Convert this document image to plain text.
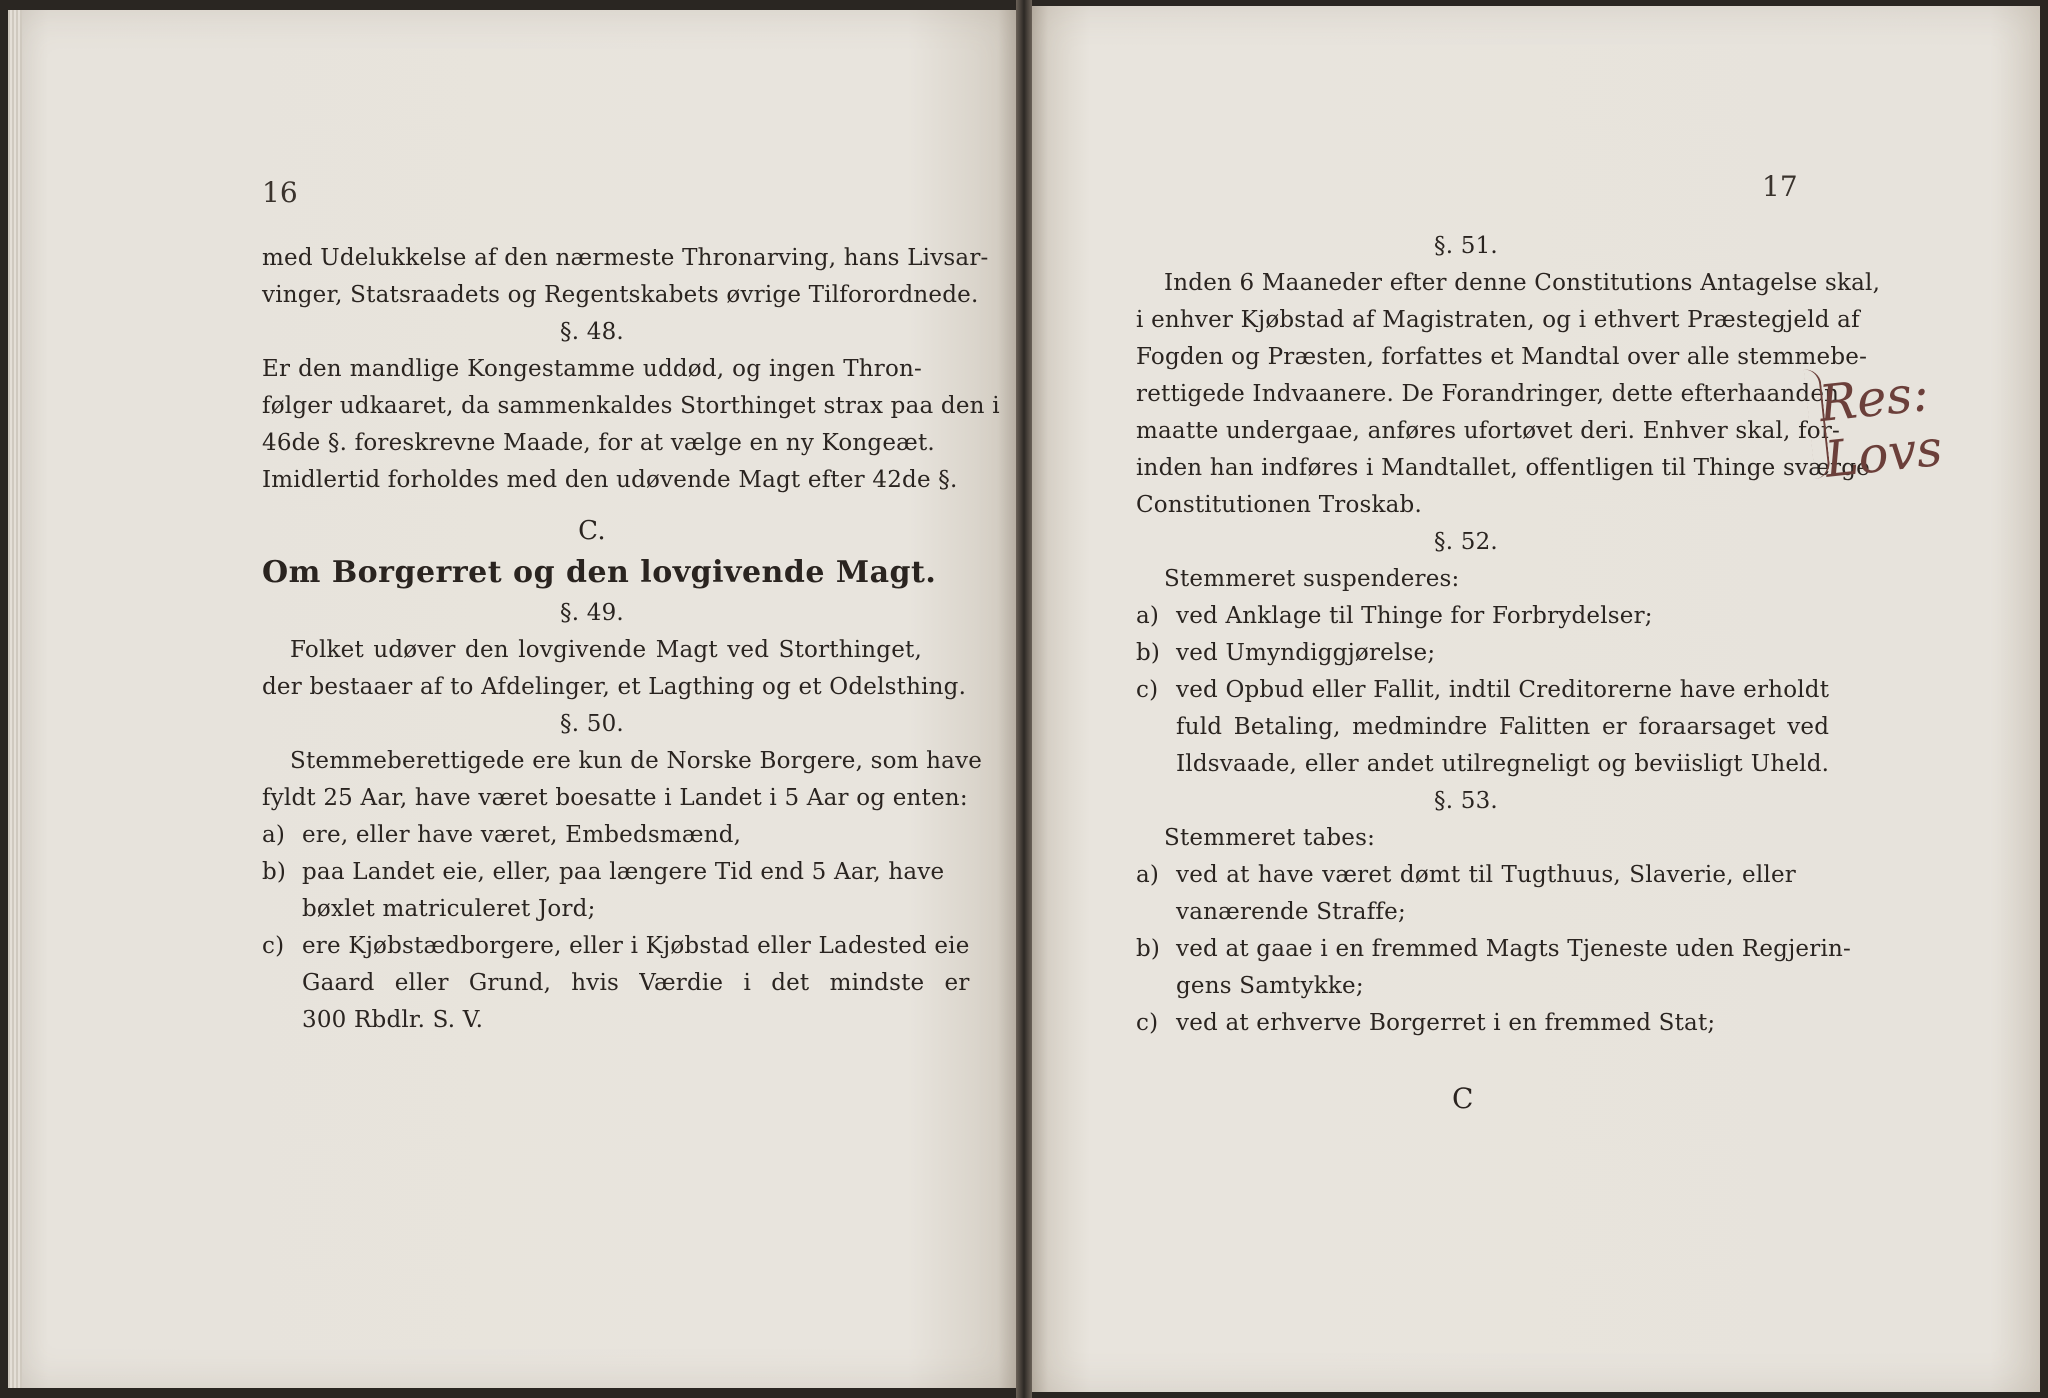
16
med Udelukkelse af den nærmeste Thronarving, hans Livsar-
vinger, Statsraadets og Regentskabets øvrige Tilforordnede.
§. 48.
Er den mandlige Kongestamme uddød, og ingen Thron-
følger udkaaret, da sammenkaldes Storthinget strax paa den i
46de §. foreskrevne Maade, for at vælge en ny Kongeæt.
Imidlertid forholdes med den udøvende Magt efter 42de §.
C.
Om Borgerret og den lovgivende Magt.
§. 49.
Folket udøver den lovgivende Magt ved Storthinget,
der bestaaer af to Afdelinger, et Lagthing og et Odelsthing.
§. 50.
Stemmeberettigede ere kun de Norske Borgere, som have
fyldt 25 Aar, have været boesatte i Landet i 5 Aar og enten:
a) ere, eller have været, Embedsmænd,
b) paa Landet eie, eller, paa længere Tid end 5 Aar, have
bøxlet matriculeret Jord;
c) ere Kjøbstædborgere, eller i Kjøbstad eller Ladested eie
Gaard eller Grund, hvis Værdie i det mindste er
300 Rbdlr. S. V.
17
§. 51.
Inden 6 Maaneder efter denne Constitutions Antagelse skal,
i enhver Kjøbstad af Magistraten, og i ethvert Præstegjeld af
Fogden og Præsten, forfattes et Mandtal over alle stemmebe-
rettigede Indvaanere. De Forandringer, dette efterhaanden
maatte undergaae, anføres ufortøvet deri. Enhver skal, for-
inden han indføres i Mandtallet, offentligen til Thinge sværge
Constitutionen Troskab.
§. 52.
Stemmeret suspenderes:
a) ved Anklage til Thinge for Forbrydelser;
b) ved Umyndiggjørelse;
c) ved Opbud eller Fallit, indtil Creditorerne have erholdt
fuld Betaling, medmindre Falitten er foraarsaget ved
Ildsvaade, eller andet utilregneligt og beviisligt Uheld.
§. 53.
Stemmeret tabes:
a) ved at have været dømt til Tugthuus, Slaverie, eller
vanærende Straffe;
b) ved at gaae i en fremmed Magts Tjeneste uden Regjerin-
gens Samtykke;
c) ved at erhverve Borgerret i en fremmed Stat;
C
Res:
Lovs
